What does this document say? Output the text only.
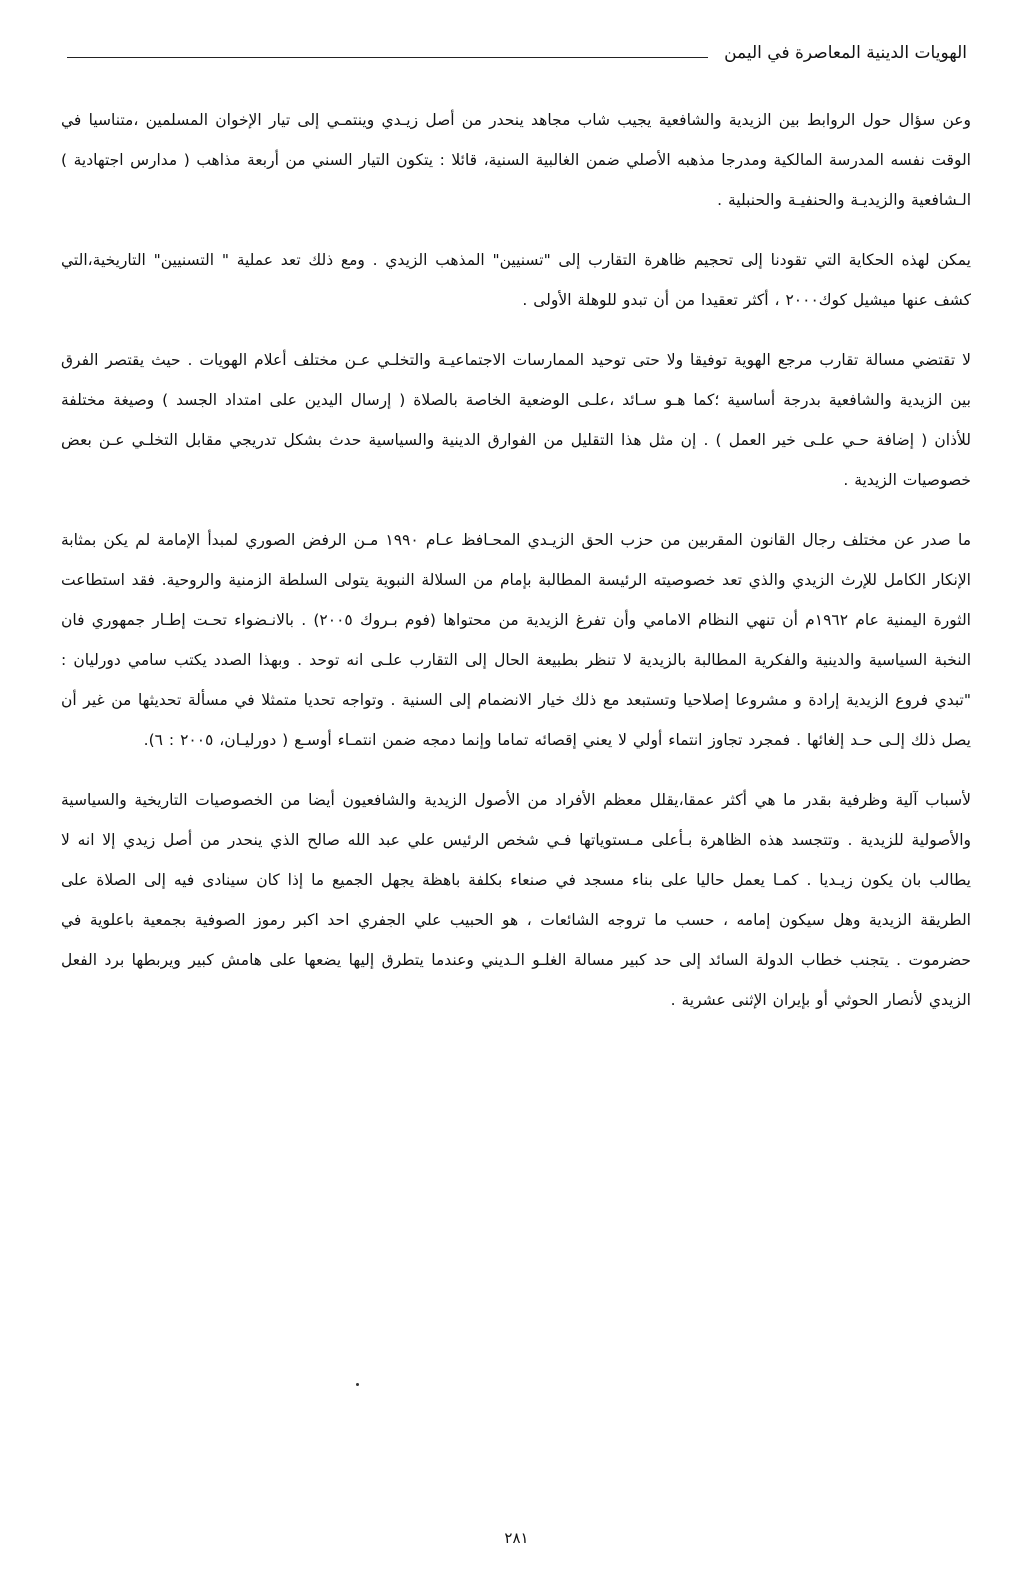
الهويات الدينية المعاصرة في اليمن

وعن سؤال حول الروابط بين الزيدية والشافعية يجيب شاب مجاهد ينحدر من أصل زيـدي وينتمـي إلى تيار الإخوان المسلمين ،متناسيا في الوقت نفسه المدرسة المالكية ومدرجا مذهبه الأصلي ضمن الغالبية السنية، قائلا : يتكون التيار السني من أربعة مذاهب ( مدارس اجتهادية ) الـشافعية والزيديـة والحنفيـة والحنبلية .

يمكن لهذه الحكاية التي تقودنا إلى تحجيم ظاهرة التقارب إلى "تسنيين" المذهب الزيدي . ومع ذلك تعد عملية " التسنيين" التاريخية،التي كشف عنها ميشيل كوك٢٠٠٠ ، أكثر تعقيدا من أن تبدو للوهلة الأولى .

لا تقتضي مسالة تقارب مرجع الهوية توفيقا ولا حتى توحيد الممارسات الاجتماعيـة والتخلـي عـن مختلف أعلام الهويات . حيث يقتصر الفرق بين الزيدية والشافعية بدرجة أساسية ؛كما هـو سـائد ،علـى الوضعية الخاصة بالصلاة ( إرسال اليدين على امتداد الجسد ) وصيغة مختلفة للأذان ( إضافة حـي علـى خير العمل ) . إن مثل هذا التقليل من الفوارق الدينية والسياسية حدث بشكل تدريجي مقابل التخلـي عـن بعض خصوصيات الزيدية .

ما صدر عن مختلف رجال القانون المقربين من حزب الحق الزيـدي المحـافظ عـام ١٩٩٠ مـن الرفض الصوري لمبدأ الإمامة لم يكن بمثابة الإنكار الكامل للإرث الزيدي والذي تعد خصوصيته الرئيسة المطالبة بإمام من السلالة النبوية يتولى السلطة الزمنية والروحية. فقد استطاعت الثورة اليمنية عام ١٩٦٢م أن تنهي النظام الامامي وأن تفرغ الزيدية من محتواها (فوم بـروك ٢٠٠٥) . بالانـضواء تحـت إطـار جمهوري فان النخبة السياسية والدينية والفكرية المطالبة بالزيدية لا تنظر بطبيعة الحال إلى التقارب علـى انه توحد . وبهذا الصدد يكتب سامي دورليان : "تبدي فروع الزيدية إرادة و مشروعا إصلاحيا وتستبعد مع ذلك خيار الانضمام إلى السنية . وتواجه تحديا متمثلا في مسألة تحديثها من غير أن يصل ذلك إلـى حـد إلغائها . فمجرد تجاوز انتماء أولي لا يعني إقصائه تماما وإنما دمجه ضمن انتمـاء أوسـع ( دورليـان، ٢٠٠٥ : ٦).

لأسباب آلية وظرفية بقدر ما هي أكثر عمقا،يقلل معظم الأفراد من الأصول الزيدية والشافعيون أيضا من الخصوصيات التاريخية والسياسية والأصولية للزيدية . وتتجسد هذه الظاهرة بـأعلى مـستوياتها فـي شخص الرئيس علي عبد الله صالح الذي ينحدر من أصل زيدي إلا انه لا يطالب بان يكون زيـديا . كمـا يعمل حاليا على بناء مسجد في صنعاء بكلفة باهظة يجهل الجميع ما إذا كان سينادى فيه إلى الصلاة على الطريقة الزيدية وهل سيكون إمامه ، حسب ما تروجه الشائعات ، هو الحبيب علي الجفري احد اكبر رموز الصوفية بجمعية باعلوية في حضرموت . يتجنب خطاب الدولة السائد إلى حد كبير مسالة الغلـو الـديني وعندما يتطرق إليها يضعها على هامش كبير ويربطها برد الفعل الزيدي لأنصار الحوثي أو بإيران الإثنى عشرية .

٢٨١
